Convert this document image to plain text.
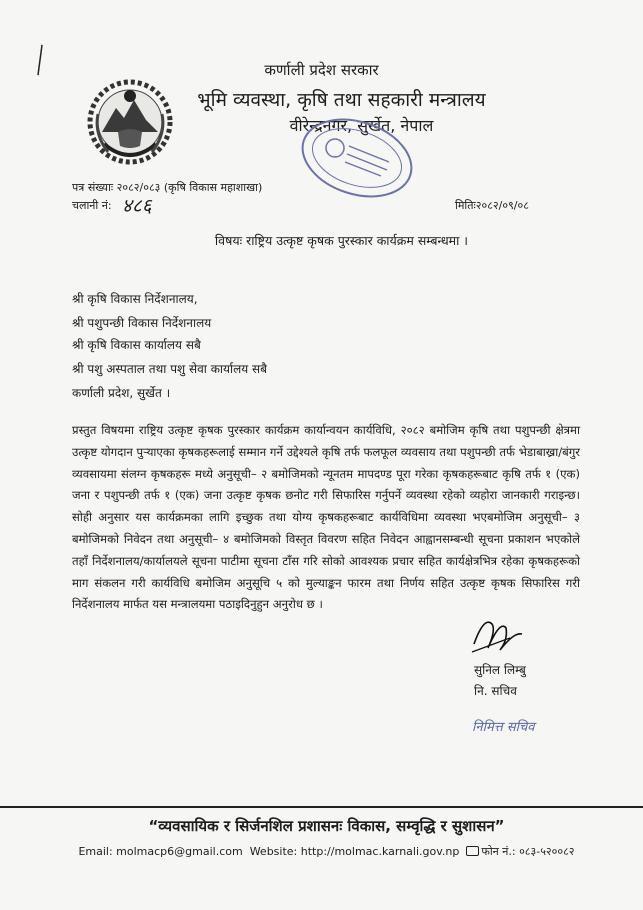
कर्णाली प्रदेश सरकार
भूमि व्यवस्था, कृषि तथा सहकारी मन्त्रालय
वीरेन्द्रनगर, सुर्खेत, नेपाल
पत्र संख्याः २०८२/०८३ (कृषि विकास महाशाखा)
चलानी नं: ४८६	मितिः२०८२/०९/०८
विषयः राष्ट्रिय उत्कृष्ट कृषक पुरस्कार कार्यक्रम सम्बन्धमा ।
श्री कृषि विकास निर्देशनालय,
श्री पशुपन्छी विकास निर्देशनालय
श्री कृषि विकास कार्यालय सबै
श्री पशु अस्पताल तथा पशु सेवा कार्यालय सबै
कर्णाली प्रदेश, सुर्खेत ।
प्रस्तुत विषयमा राष्ट्रिय उत्कृष्ट कृषक पुरस्कार कार्यक्रम कार्यान्वयन कार्यविधि, २०८२ बमोजिम कृषि तथा पशुपन्छी क्षेत्रमा उत्कृष्ट योगदान पुर्‍याएका कृषकहरूलाई सम्मान गर्ने उद्देश्यले कृषि तर्फ फलफूल व्यवसाय तथा पशुपन्छी तर्फ भेडाबाख्रा/बंगुर व्यवसायमा संलग्न कृषकहरू मध्ये अनुसूची– २ बमोजिमको न्यूनतम मापदण्ड पूरा गरेका कृषकहरूबाट कृषि तर्फ १ (एक) जना र पशुपन्छी तर्फ १ (एक) जना उत्कृष्ट कृषक छनोट गरी सिफारिस गर्नुपर्ने व्यवस्था रहेको व्यहोरा जानकारी गराइन्छ। सोही अनुसार यस कार्यक्रमका लागि इच्छुक तथा योग्य कृषकहरूबाट कार्यविधिमा व्यवस्था भएबमोजिम अनुसूची– ३ बमोजिमको निवेदन तथा अनुसूची– ४ बमोजिमको विस्तृत विवरण सहित निवेदन आह्वानसम्बन्धी सूचना प्रकाशन भएकोले तहाँ निर्देशनालय/कार्यालयले सूचना पाटीमा सूचना टाँस गरि सोको आवश्यक प्रचार सहित कार्यक्षेत्रभित्र रहेका कृषकहरूको माग संकलन गरी कार्यविधि बमोजिम अनुसूचि ५ को मुल्याङ्कन फारम तथा निर्णय सहित उत्कृष्ट कृषक सिफारिस गरी निर्देशनालय मार्फत यस मन्त्रालयमा पठाइदिनुहुन अनुरोध छ ।
सुनिल लिम्बु
नि. सचिव
निमित्त सचिव
“व्यवसायिक र सिर्जनशिल प्रशासनः विकास, सम्वृद्धि र सुशासन”
Email: molmacp6@gmail.com Website: http://molmac.karnali.gov.np फोन नं.: ०८३-५२००८२
